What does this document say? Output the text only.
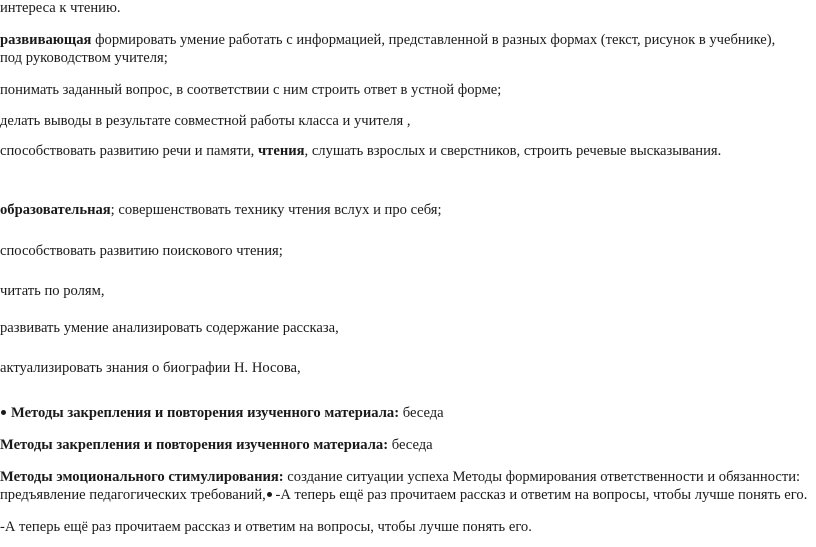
интереса к чтению.
развивающая формировать умение работать с информацией, представленной в разных формах (текст, рисунок в учебнике),
под руководством учителя;
понимать заданный вопрос, в соответствии с ним строить ответ в устной форме;
делать выводы в результате совместной работы класса и учителя ,
способствовать развитию речи и памяти, чтения, слушать взрослых и сверстников, строить речевые высказывания.
образовательная; совершенствовать технику чтения вслух и про себя;
способствовать развитию поискового чтения;
читать по ролям,
развивать умение анализировать содержание рассказа,
актуализировать знания о биографии Н. Носова,
Методы закрепления и повторения изученного материала: беседа
Методы закрепления и повторения изученного материала: беседа
Методы эмоционального стимулирования: создание ситуации успеха Методы формирования ответственности и обязанности:
предъявление педагогических требований, -А теперь ещё раз прочитаем рассказ и ответим на вопросы, чтобы лучше понять его.
-А теперь ещё раз прочитаем рассказ и ответим на вопросы, чтобы лучше понять его.
